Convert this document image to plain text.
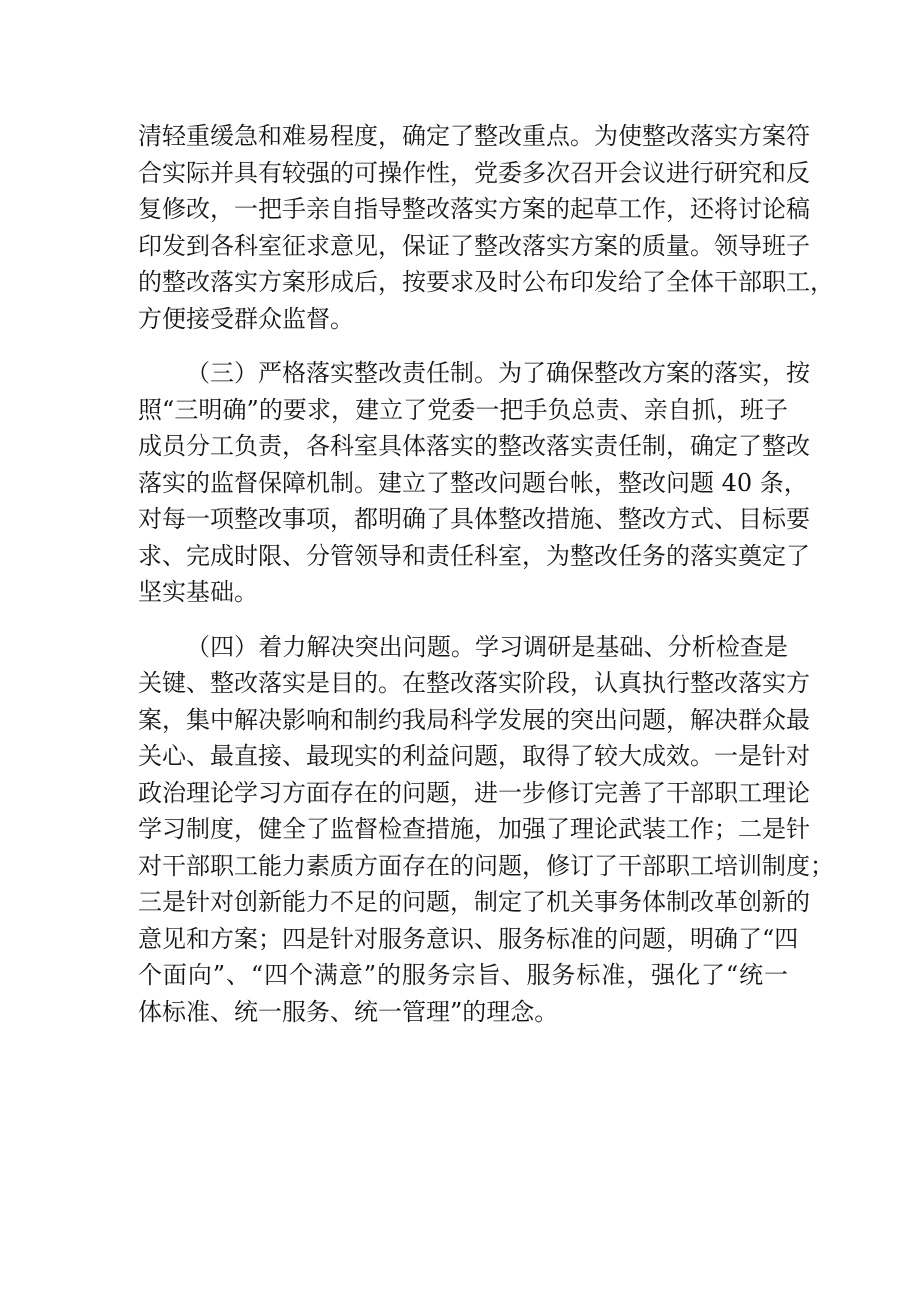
清轻重缓急和难易程度，确定了整改重点。为使整改落实方案符
合实际并具有较强的可操作性，党委多次召开会议进行研究和反
复修改，一把手亲自指导整改落实方案的起草工作，还将讨论稿
印发到各科室征求意见，保证了整改落实方案的质量。领导班子
的整改落实方案形成后，按要求及时公布印发给了全体干部职工，
方便接受群众监督。
（三）严格落实整改责任制。为了确保整改方案的落实，按
照“三明确”的要求，建立了党委一把手负总责、亲自抓，班子
成员分工负责，各科室具体落实的整改落实责任制，确定了整改
落实的监督保障机制。建立了整改问题台帐，整改问题 40 条，
对每一项整改事项，都明确了具体整改措施、整改方式、目标要
求、完成时限、分管领导和责任科室，为整改任务的落实奠定了
坚实基础。
（四）着力解决突出问题。学习调研是基础、分析检查是
关键、整改落实是目的。在整改落实阶段，认真执行整改落实方
案，集中解决影响和制约我局科学发展的突出问题，解决群众最
关心、最直接、最现实的利益问题，取得了较大成效。一是针对
政治理论学习方面存在的问题，进一步修订完善了干部职工理论
学习制度，健全了监督检查措施，加强了理论武装工作；二是针
对干部职工能力素质方面存在的问题，修订了干部职工培训制度；
三是针对创新能力不足的问题，制定了机关事务体制改革创新的
意见和方案；四是针对服务意识、服务标准的问题，明确了“四
个面向”、“四个满意”的服务宗旨、服务标准，强化了“统一
体标准、统一服务、统一管理”的理念。
